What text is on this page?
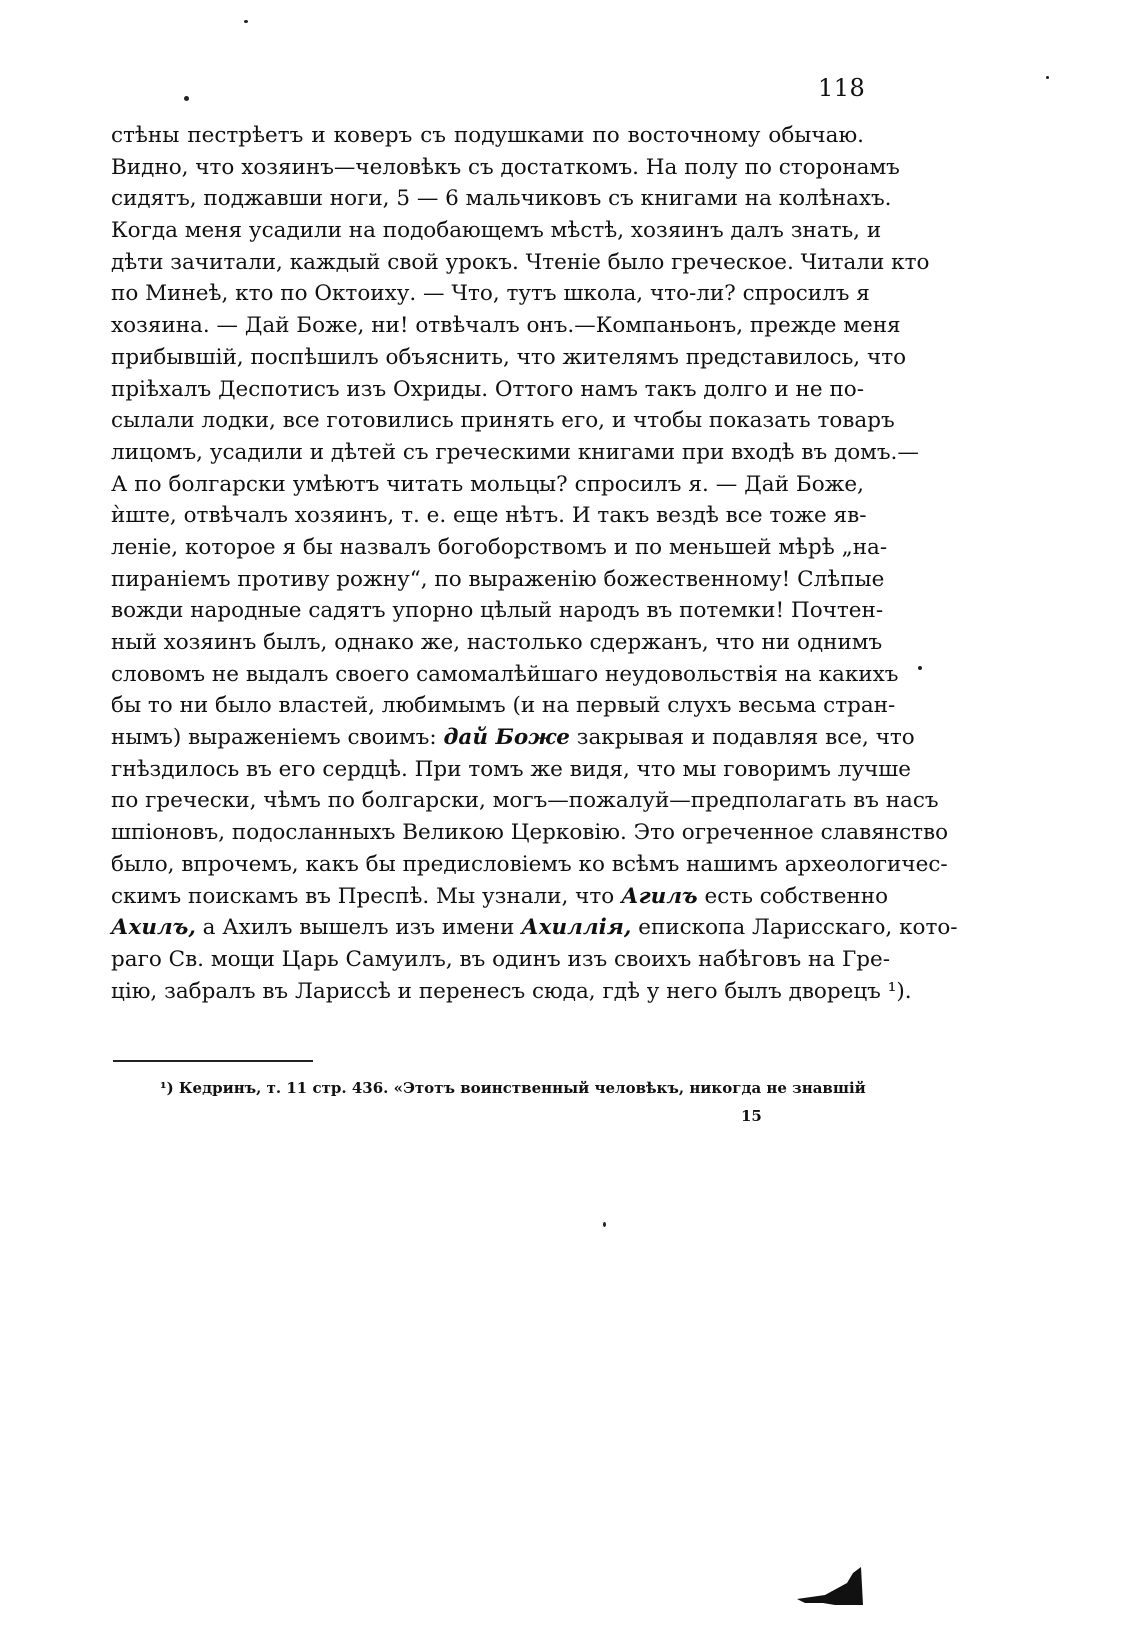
118
стѣны пестрѣетъ и коверъ съ подушками по восточному обычаю.
Видно, что хозяинъ—человѣкъ съ достаткомъ. На полу по сторонамъ
сидятъ, поджавши ноги, 5 — 6 мальчиковъ съ книгами на колѣнахъ.
Когда меня усадили на подобающемъ мѣстѣ, хозяинъ далъ знать, и
дѣти зачитали, каждый свой урокъ. Чтеніе было греческое. Читали кто
по Минеѣ, кто по Октоиху. — Что, тутъ школа, что-ли? спросилъ я
хозяина. — Дай Боже, ни! отвѣчалъ онъ.—Компаньонъ, прежде меня
прибывшій, поспѣшилъ объяснить, что жителямъ представилось, что
пріѣхалъ Деспотисъ изъ Охриды. Оттого намъ такъ долго и не по-
сылали лодки, все готовились принять его, и чтобы показать товаръ
лицомъ, усадили и дѣтей съ греческими книгами при входѣ въ домъ.—
А по болгарски умѣютъ читать мольцы? спросилъ я. — Дай Боже,
ѝште, отвѣчалъ хозяинъ, т. е. еще нѣтъ. И такъ вездѣ все тоже яв-
леніе, которое я бы назвалъ богоборствомъ и по меньшей мѣрѣ „на-
пираніемъ противу рожну“, по выраженію божественному! Слѣпые
вожди народные садятъ упорно цѣлый народъ въ потемки! Почтен-
ный хозяинъ былъ, однако же, настолько сдержанъ, что ни однимъ
словомъ не выдалъ своего самомалѣйшаго неудовольствія на какихъ
бы то ни было властей, любимымъ (и на первый слухъ весьма стран-
нымъ) выраженіемъ своимъ: дай Боже закрывая и подавляя все, что
гнѣздилось въ его сердцѣ. При томъ же видя, что мы говоримъ лучше
по гречески, чѣмъ по болгарски, могъ—пожалуй—предполагать въ насъ
шпіоновъ, подосланныхъ Великою Церковію. Это огреченное славянство
было, впрочемъ, какъ бы предисловіемъ ко всѣмъ нашимъ археологичес-
скимъ поискамъ въ Преспѣ. Мы узнали, что Агилъ есть собственно
Ахилъ, а Ахилъ вышелъ изъ имени Ахиллія, епископа Ларисскаго, кото-
раго Св. мощи Царь Самуилъ, въ одинъ изъ своихъ набѣговъ на Гре-
цію, забралъ въ Ларисcѣ и перенесъ сюда, гдѣ у него былъ дворецъ ¹).
¹) Кедринъ, т. 11 стр. 436. «Этотъ воинственный человѣкъ, никогда не знавшій
15
